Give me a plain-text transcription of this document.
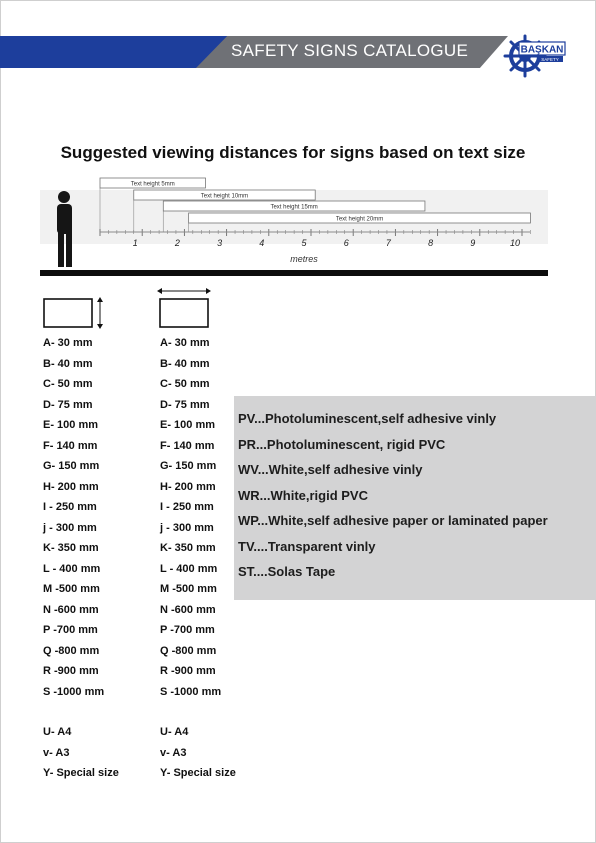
SAFETY SIGNS CATALOGUE	BAŞKAN
SAFETY
Suggested viewing distances for signs based on text size
Text height 5mm
Text height 10mm
Text height 15mm
Text height 20mm
1	2	3	4	5	6	7	8	9	10
metres
A- 30 mm
B- 40 mm
C- 50 mm
D- 75 mm
E- 100 mm
F- 140 mm
G- 150 mm
H- 200 mm
I - 250 mm
j - 300 mm
K- 350 mm
L - 400 mm
M -500 mm
N -600 mm
P -700 mm
Q -800 mm
R -900 mm
S -1000 mm
A- 30 mm
B- 40 mm
C- 50 mm
D- 75 mm
E- 100 mm
F- 140 mm
G- 150 mm
H- 200 mm
I - 250 mm
j - 300 mm
K- 350 mm
L - 400 mm
M -500 mm
N -600 mm
P -700 mm
Q -800 mm
R -900 mm
S -1000 mm
U- A4
v- A3
Y- Special size
U- A4
v- A3
Y- Special size
PV...Photoluminescent,self adhesive vinly
PR...Photoluminescent, rigid PVC
WV...White,self adhesive vinly
WR...White,rigid PVC
WP...White,self adhesive paper or laminated paper
TV....Transparent vinly
ST....Solas Tape
